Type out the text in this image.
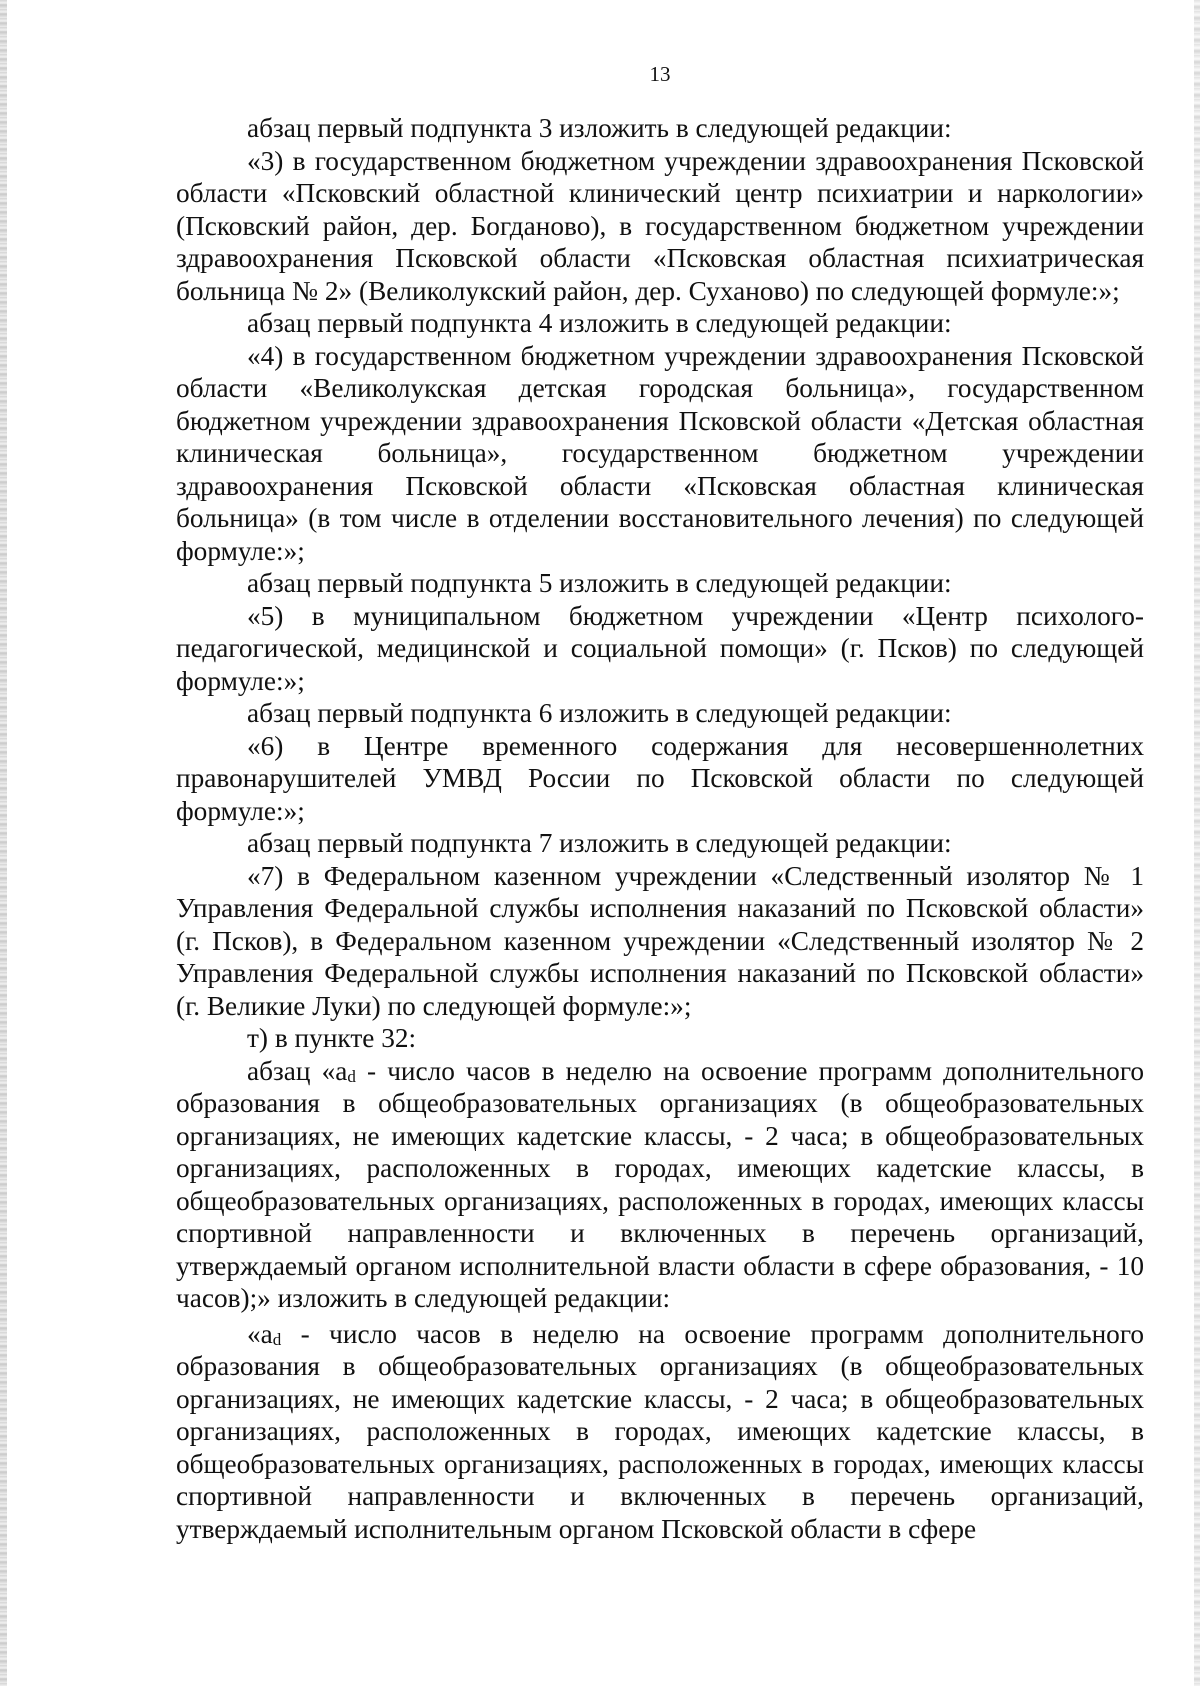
13

абзац первый подпункта 3 изложить в следующей редакции:

«3) в государственном бюджетном учреждении здравоохранения Псковской области «Псковский областной клинический центр психиатрии и наркологии» (Псковский район, дер. Богданово), в государственном бюджетном учреждении здравоохранения Псковской области «Псковская областная психиатрическая больница № 2» (Великолукский район, дер. Суханово) по следующей формуле:»;

абзац первый подпункта 4 изложить в следующей редакции:

«4) в государственном бюджетном учреждении здравоохранения Псковской области «Великолукская детская городская больница», государственном бюджетном учреждении здравоохранения Псковской области «Детская областная клиническая больница», государственном бюджетном учреждении здравоохранения Псковской области «Псковская областная клиническая больница» (в том числе в отделении восстановительного лечения) по следующей формуле:»;

абзац первый подпункта 5 изложить в следующей редакции:

«5) в муниципальном бюджетном учреждении «Центр психолого-педагогической, медицинской и социальной помощи» (г. Псков) по следующей формуле:»;

абзац первый подпункта 6 изложить в следующей редакции:

«6) в Центре временного содержания для несовершеннолетних правонарушителей УМВД России по Псковской области по следующей формуле:»;

абзац первый подпункта 7 изложить в следующей редакции:

«7) в Федеральном казенном учреждении «Следственный изолятор № 1 Управления Федеральной службы исполнения наказаний по Псковской области» (г. Псков), в Федеральном казенном учреждении «Следственный изолятор № 2 Управления Федеральной службы исполнения наказаний по Псковской области» (г. Великие Луки) по следующей формуле:»;

т) в пункте 32:

абзац «$a_d$ - число часов в неделю на освоение программ дополнительного образования в общеобразовательных организациях (в общеобразовательных организациях, не имеющих кадетские классы, - 2 часа; в общеобразовательных организациях, расположенных в городах, имеющих кадетские классы, в общеобразовательных организациях, расположенных в городах, имеющих классы спортивной направленности и включенных в перечень организаций, утверждаемый органом исполнительной власти области в сфере образования, - 10 часов);» изложить в следующей редакции:

«$a_d$ - число часов в неделю на освоение программ дополнительного образования в общеобразовательных организациях (в общеобразовательных организациях, не имеющих кадетские классы, - 2 часа; в общеобразовательных организациях, расположенных в городах, имеющих кадетские классы, в общеобразовательных организациях, расположенных в городах, имеющих классы спортивной направленности и включенных в перечень организаций, утверждаемый исполнительным органом Псковской области в сфере
